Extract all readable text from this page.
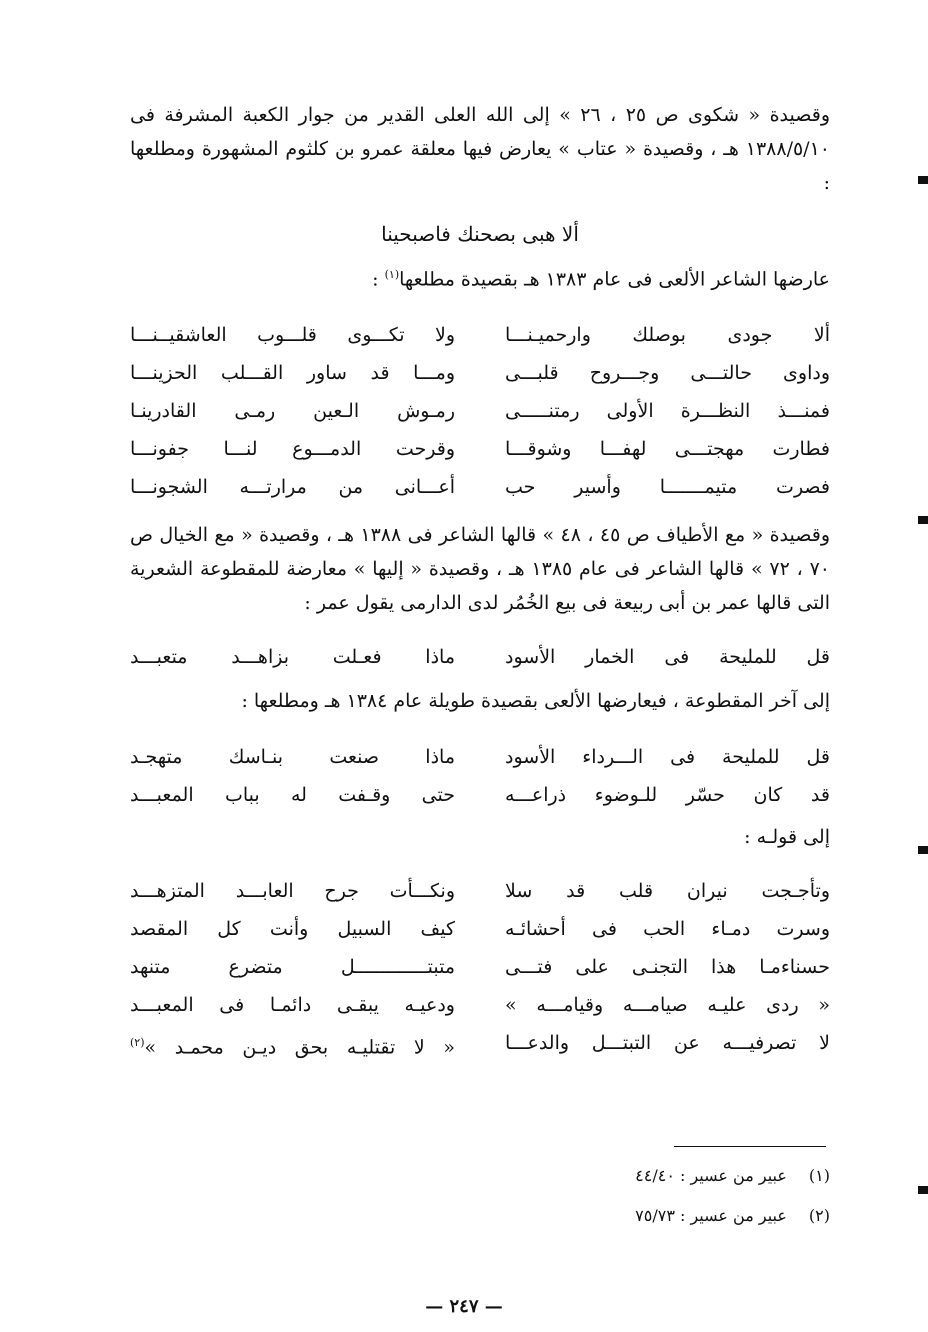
وقصيدة « شكوى ص ٢٥ ، ٢٦ » إلى الله العلى القدير من جوار الكعبة المشرفة فى ١٣٨٨/٥/١٠ هـ ، وقصيدة « عتاب » يعارض فيها معلقة عمرو بن كلثوم المشهورة ومطلعها :
ألا هبى بصحنك فاصبحينا
عارضها الشاعر الألعى فى عام ١٣٨٣ هـ بقصيدة مطلعها$^{(١)}$ :
ألا جودى بوصلك وارحميـنـــا
ولا تكـــوى قلـــوب العاشقيــنـــا
وداوى حالتـــى وجـــروح قلبـــى
ومـــا قد ساور القـــلب الحزينـــا
فمنـــذ النظـــرة الأولى رمتنـــــى
رمـوش الـعين رمـى القادرينـا
فطارت مهجتـــى لهفـــا وشوقـــا
وقرحت الدمـــوع لنـــا جفونـــا
فصرت متيمـــــــا وأسير حب
أعـــانى من مرارتـــه الشجونـــا
وقصيدة « مع الأطياف ص ٤٥ ، ٤٨ » قالها الشاعر فى ١٣٨٨ هـ ، وقصيدة « مع الخيال ص ٧٠ ، ٧٢ » قالها الشاعر فى عام ١٣٨٥ هـ ، وقصيدة « إليها » معارضة للمقطوعة الشعرية التى قالها عمر بن أبى ربيعة فى بيع الخُمُر لدى الدارمى يقول عمر :
قل للمليحة فى الخمار الأسود
ماذا فعـلت بزاهـــد متعبـــد
إلى آخر المقطوعة ، فيعارضها الألعى بقصيدة طويلة عام ١٣٨٤ هـ ومطلعها :
قل للمليحة فى الـــرداء الأسود
ماذا صنعت بنـاسك متهجـد
قد كان حسّر للـوضوء ذراعـــه
حتى وقـفت له بباب المعبـــد
إلى قولـه :
وتأجـجت نيران قلب قد سلا
ونكـــأت جرح العابـــد المتزهـــد
وسرت دمـاء الحب فى أحشائـه
كيف السبيل وأنت كل المقصد
حسناءمـا هذا التجنـى على فتـــى
متبتـــــــــــــل متضرع متنهد
« ردى عليـه صيامـــه وقيامـــه »
ودعيـه يبقـى دائمـا فى المعبـــد
لا تصرفيـــه عن التبتـــل والدعـــا
« لا تقتليـه بحق ديـن محمـد »$^{(٢)}$
(١)عبير من عسير : ٤٤/٤٠
(٢)عبير من عسير : ٧٥/٧٣
— ٢٤٧ —
